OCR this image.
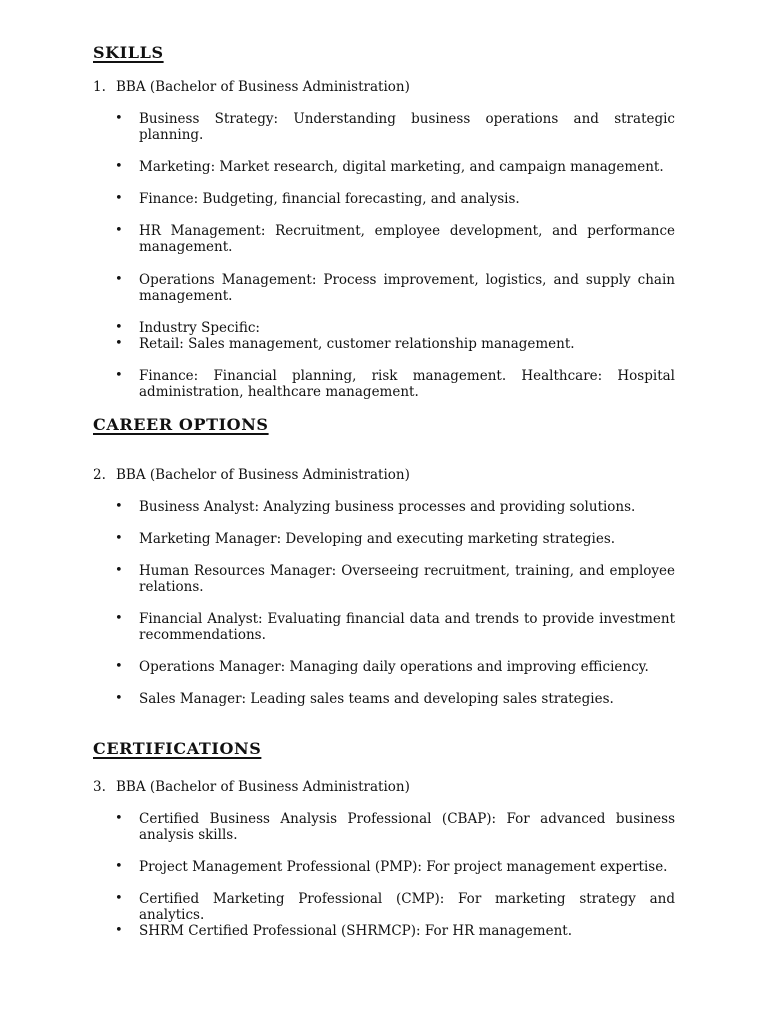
SKILLS
1. BBA (Bachelor of Business Administration)
•	Business Strategy: Understanding business operations and strategic planning.
•	Marketing: Market research, digital marketing, and campaign management.
•	Finance: Budgeting, financial forecasting, and analysis.
•	HR Management: Recruitment, employee development, and performance management.
•	Operations Management: Process improvement, logistics, and supply chain management.
•	Industry Specific:
•	Retail: Sales management, customer relationship management.
•	Finance: Financial planning, risk management. Healthcare: Hospital administration, healthcare management.
CAREER OPTIONS
2. BBA (Bachelor of Business Administration)
•	Business Analyst: Analyzing business processes and providing solutions.
•	Marketing Manager: Developing and executing marketing strategies.
•	Human Resources Manager: Overseeing recruitment, training, and employee relations.
•	Financial Analyst: Evaluating financial data and trends to provide investment recommendations.
•	Operations Manager: Managing daily operations and improving efficiency.
•	Sales Manager: Leading sales teams and developing sales strategies.
CERTIFICATIONS
3. BBA (Bachelor of Business Administration)
•	Certified Business Analysis Professional (CBAP): For advanced business analysis skills.
•	Project Management Professional (PMP): For project management expertise.
•	Certified Marketing Professional (CMP): For marketing strategy and analytics.
•	SHRM Certified Professional (SHRMCP): For HR management.
